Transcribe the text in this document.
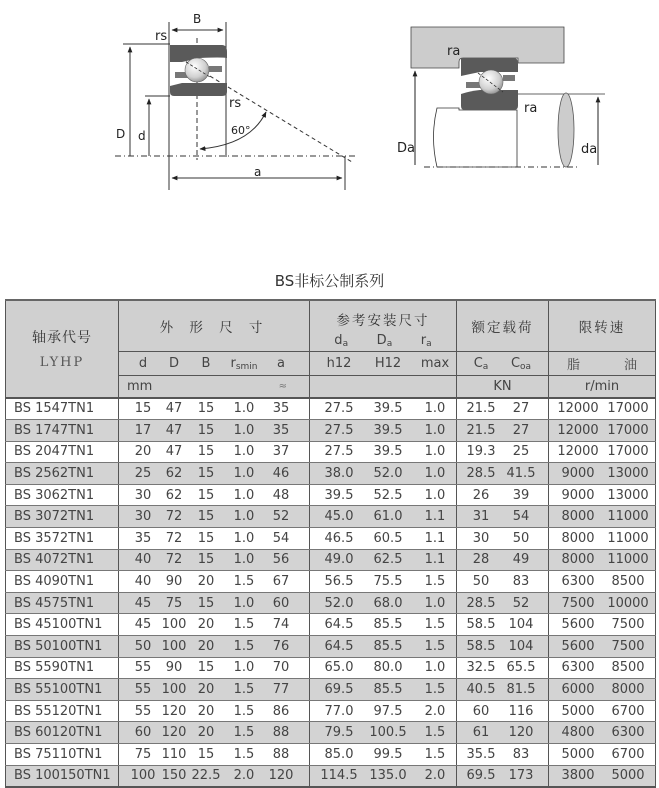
B
rs
rs
D d	60°
a
ra
ra
Da	da
BS非标公制系列
轴承代号
LYHP

外 形 尺 寸	参考安装尺寸
$d_a$ $D_a$ $r_a$

额定载荷	限转速

	d D B $r_{smin}$ a	h12 H12 max	$C_a$ $C_{oa}$	脂 油

	mm ≈		KN	r/min
BS 1547TN1	15 47 15 1.0 35	27.5 39.5 1.0	21.5 27	12000 17000

BS 1747TN1	17 47 15 1.0 35	27.5 39.5 1.0	21.5 27	12000 17000

BS 2047TN1	20 47 15 1.0 37	27.5 39.5 1.0	19.3 25	12000 17000

BS 2562TN1	25 62 15 1.0 46	38.0 52.0 1.0	28.5 41.5	9000 13000

BS 3062TN1	30 62 15 1.0 48	39.5 52.5 1.0	26 39	9000 13000

BS 3072TN1	30 72 15 1.0 52	45.0 61.0 1.1	31 54	8000 11000

BS 3572TN1	35 72 15 1.0 54	46.5 60.5 1.1	30 50	8000 11000

BS 4072TN1	40 72 15 1.0 56	49.0 62.5 1.1	28 49	8000 11000

BS 4090TN1	40 90 20 1.5 67	56.5 75.5 1.5	50 83	6300 8500

BS 4575TN1	45 75 15 1.0 60	52.0 68.0 1.0	28.5 52	7500 10000

BS 45100TN1	45 100 20 1.5 74	64.5 85.5 1.5	58.5 104	5600 7500

BS 50100TN1	50 100 20 1.5 76	64.5 85.5 1.5	58.5 104	5600 7500

BS 5590TN1	55 90 15 1.0 70	65.0 80.0 1.0	32.5 65.5	6300 8500

BS 55100TN1	55 100 20 1.5 77	69.5 85.5 1.5	40.5 81.5	6000 8000

BS 55120TN1	55 120 20 1.5 86	77.0 97.5 2.0	60 116	5000 6700

BS 60120TN1	60 120 20 1.5 88	79.5 100.5 1.5	61 120	4800 6300

BS 75110TN1	75 110 15 1.5 88	85.0 99.5 1.5	35.5 83	5000 6700

BS 100150TN1	100 150 22.5 2.0 120	114.5 135.0 2.0	69.5 173	3800 5000
